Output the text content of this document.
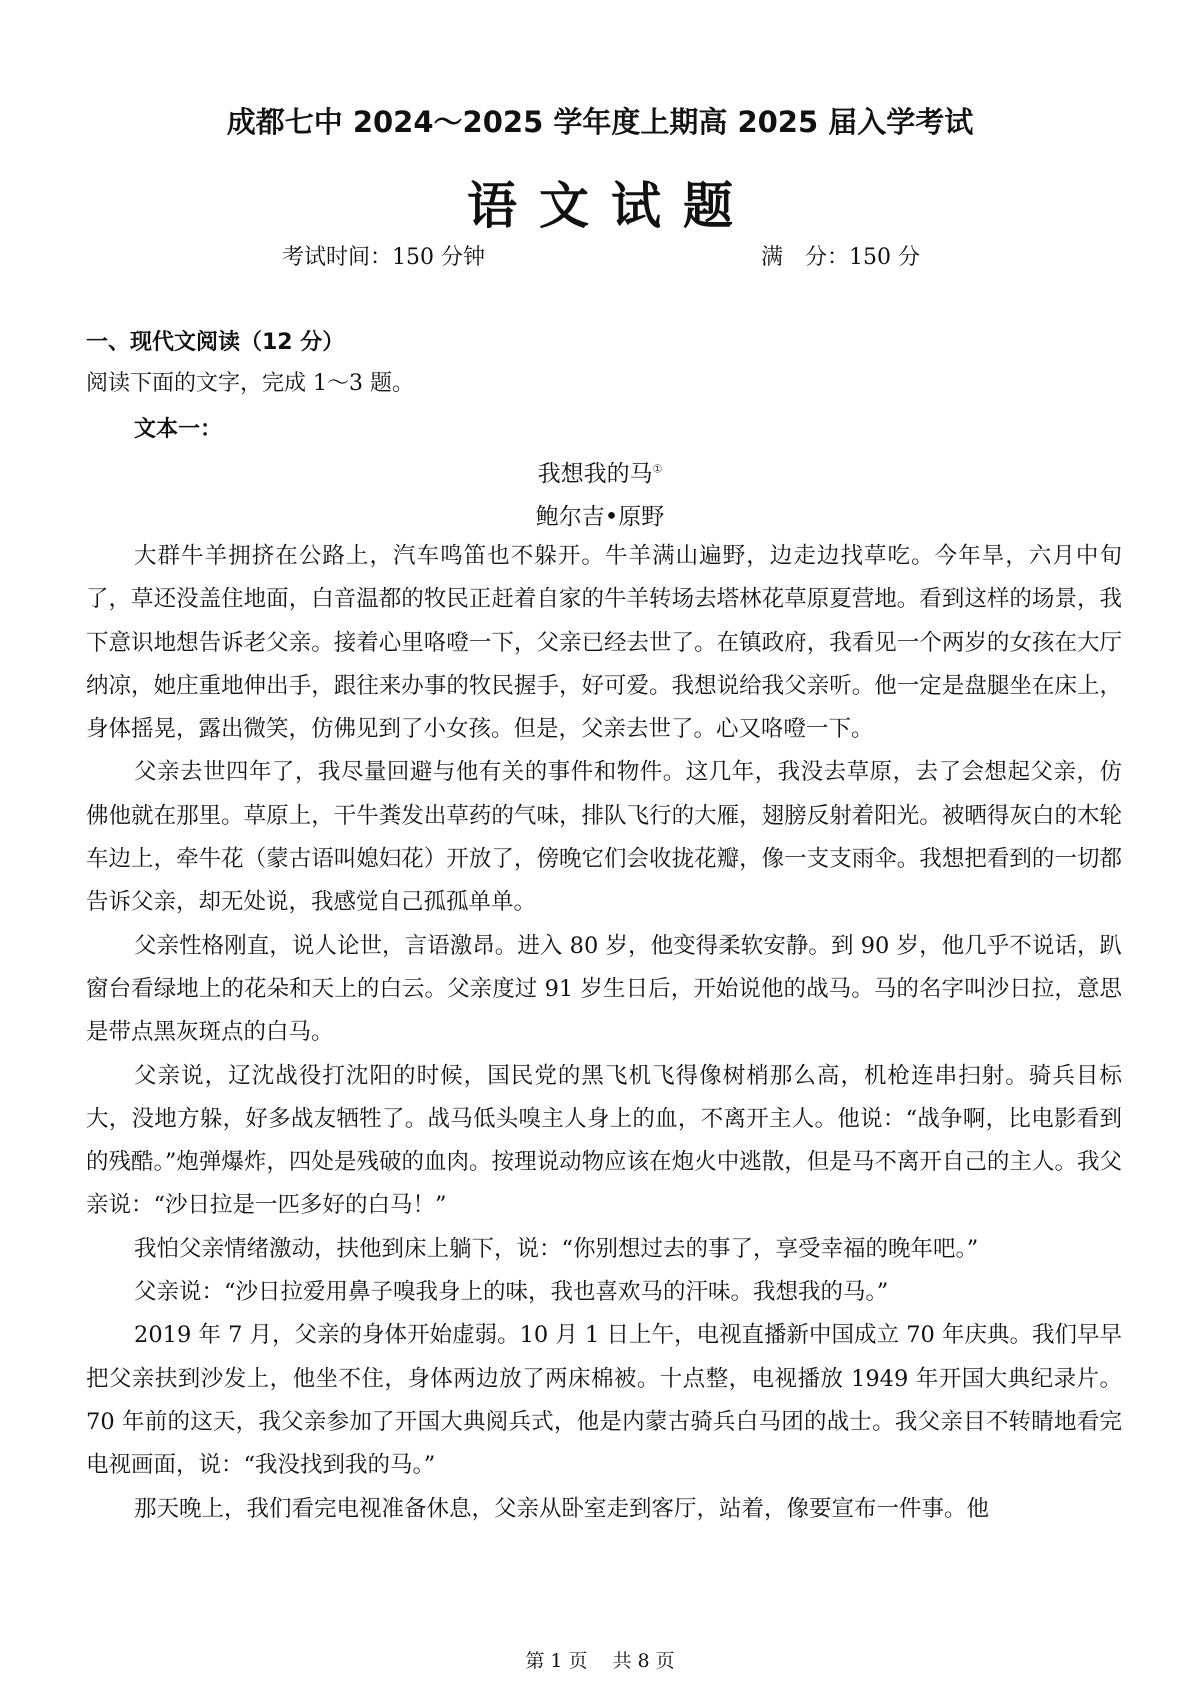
成都七中 2024～2025 学年度上期高 2025 届入学考试
语文试题
考试时间：150 分钟	满　分：150 分
一、现代文阅读（12 分）
阅读下面的文字，完成 1～3 题。
文本一：
我想我的马①
鲍尔吉•原野

大群牛羊拥挤在公路上，汽车鸣笛也不躲开。牛羊满山遍野，边走边找草吃。今年旱，六月中旬了，草还没盖住地面，白音温都的牧民正赶着自家的牛羊转场去塔林花草原夏营地。看到这样的场景，我下意识地想告诉老父亲。接着心里咯噔一下，父亲已经去世了。在镇政府，我看见一个两岁的女孩在大厅纳凉，她庄重地伸出手，跟往来办事的牧民握手，好可爱。我想说给我父亲听。他一定是盘腿坐在床上，身体摇晃，露出微笑，仿佛见到了小女孩。但是，父亲去世了。心又咯噔一下。

父亲去世四年了，我尽量回避与他有关的事件和物件。这几年，我没去草原，去了会想起父亲，仿佛他就在那里。草原上，干牛粪发出草药的气味，排队飞行的大雁，翅膀反射着阳光。被晒得灰白的木轮车边上，牵牛花（蒙古语叫媳妇花）开放了，傍晚它们会收拢花瓣，像一支支雨伞。我想把看到的一切都告诉父亲，却无处说，我感觉自己孤孤单单。

父亲性格刚直，说人论世，言语激昂。进入 80 岁，他变得柔软安静。到 90 岁，他几乎不说话，趴窗台看绿地上的花朵和天上的白云。父亲度过 91 岁生日后，开始说他的战马。马的名字叫沙日拉，意思是带点黑灰斑点的白马。

父亲说，辽沈战役打沈阳的时候，国民党的黑飞机飞得像树梢那么高，机枪连串扫射。骑兵目标大，没地方躲，好多战友牺牲了。战马低头嗅主人身上的血，不离开主人。他说：“战争啊，比电影看到的残酷。”炮弹爆炸，四处是残破的血肉。按理说动物应该在炮火中逃散，但是马不离开自己的主人。我父亲说：“沙日拉是一匹多好的白马！”

我怕父亲情绪激动，扶他到床上躺下，说：“你别想过去的事了，享受幸福的晚年吧。”

父亲说：“沙日拉爱用鼻子嗅我身上的味，我也喜欢马的汗味。我想我的马。”

2019 年 7 月，父亲的身体开始虚弱。10 月 1 日上午，电视直播新中国成立 70 年庆典。我们早早把父亲扶到沙发上，他坐不住，身体两边放了两床棉被。十点整，电视播放 1949 年开国大典纪录片。70 年前的这天，我父亲参加了开国大典阅兵式，他是内蒙古骑兵白马团的战士。我父亲目不转睛地看完电视画面，说：“我没找到我的马。”

那天晚上，我们看完电视准备休息，父亲从卧室走到客厅，站着，像要宣布一件事。他

第 1 页　 共 8 页
